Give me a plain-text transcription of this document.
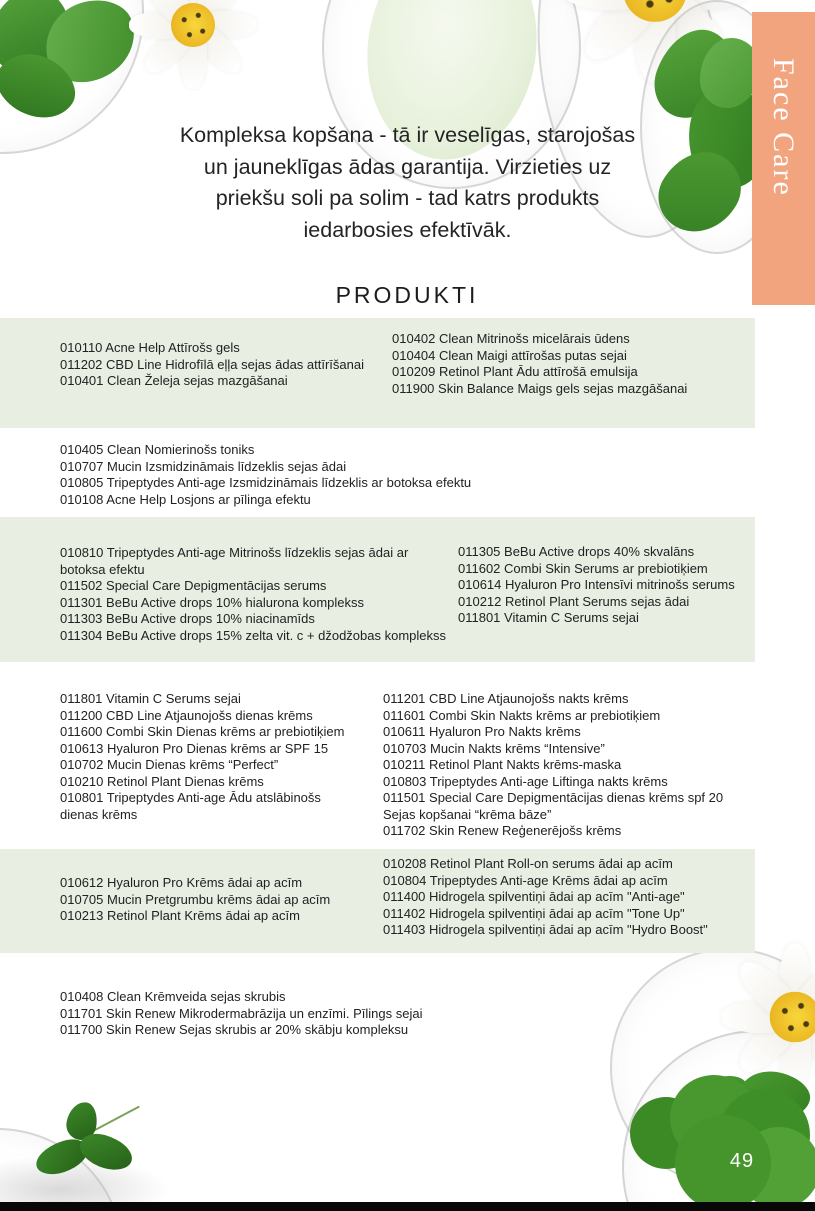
Face Care
Kompleksa kopšana - tā ir veselīgas, starojošas
un jauneklīgas ādas garantija. Virzieties uz
priekšu soli pa solim - tad katrs produkts
iedarbosies efektīvāk.
PRODUKTI
010110 Acne Help Attīrošs gels
011202 CBD Line Hidrofīlā eļļa sejas ādas attīrīšanai
010401 Clean Želeja sejas mazgāšanai
010402 Clean Mitrinošs micelārais ūdens
010404 Clean Maigi attīrošas putas sejai
010209 Retinol Plant Ādu attīrošā emulsija
011900 Skin Balance Maigs gels sejas mazgāšanai
010405 Clean Nomierinošs toniks
010707 Mucin Izsmidzināmais līdzeklis sejas ādai
010805 Tripeptydes Anti-age Izsmidzināmais līdzeklis ar botoksa efektu
010108 Acne Help Losjons ar pīlinga efektu
010810 Tripeptydes Anti-age Mitrinošs līdzeklis sejas ādai ar botoksa efektu
011502 Special Care Depigmentācijas serums
011301 BeBu Active drops 10% hialurona komplekss
011303 BeBu Active drops 10% niacinamīds
011304 BeBu Active drops 15% zelta vit. c + džodžobas komplekss
011305 BeBu Active drops 40% skvalāns
011602 Combi Skin Serums ar prebiotiķiem
010614 Hyaluron Pro Intensīvi mitrinošs serums
010212 Retinol Plant Serums sejas ādai
011801 Vitamin C Serums sejai
011801 Vitamin C Serums sejai
011200 CBD Line Atjaunojošs dienas krēms
011600 Combi Skin Dienas krēms ar prebiotiķiem
010613 Hyaluron Pro Dienas krēms ar SPF 15
010702 Mucin Dienas krēms “Perfect”
010210 Retinol Plant Dienas krēms
010801 Tripeptydes Anti-age Ādu atslābinošs dienas krēms
011201 CBD Line Atjaunojošs nakts krēms
011601 Combi Skin Nakts krēms ar prebiotiķiem
010611 Hyaluron Pro Nakts krēms
010703 Mucin Nakts krēms “Intensive”
010211 Retinol Plant Nakts krēms-maska
010803 Tripeptydes Anti-age Liftinga nakts krēms
011501 Special Care Depigmentācijas dienas krēms spf 20 Sejas kopšanai “krēma bāze”
011702 Skin Renew Reģenerējošs krēms
010612 Hyaluron Pro Krēms ādai ap acīm
010705 Mucin Pretgrumbu krēms ādai ap acīm
010213 Retinol Plant Krēms ādai ap acīm
010208 Retinol Plant Roll-on serums ādai ap acīm
010804 Tripeptydes Anti-age Krēms ādai ap acīm
011400 Hidrogela spilventiņi ādai ap acīm "Anti-age"
011402 Hidrogela spilventiņi ādai ap acīm "Tone Up"
011403 Hidrogela spilventiņi ādai ap acīm "Hydro Boost"
010408 Clean Krēmveida sejas skrubis
011701 Skin Renew Mikrodermabrāzija un enzīmi. Pīlings sejai
011700 Skin Renew Sejas skrubis ar 20% skābju kompleksu
49
